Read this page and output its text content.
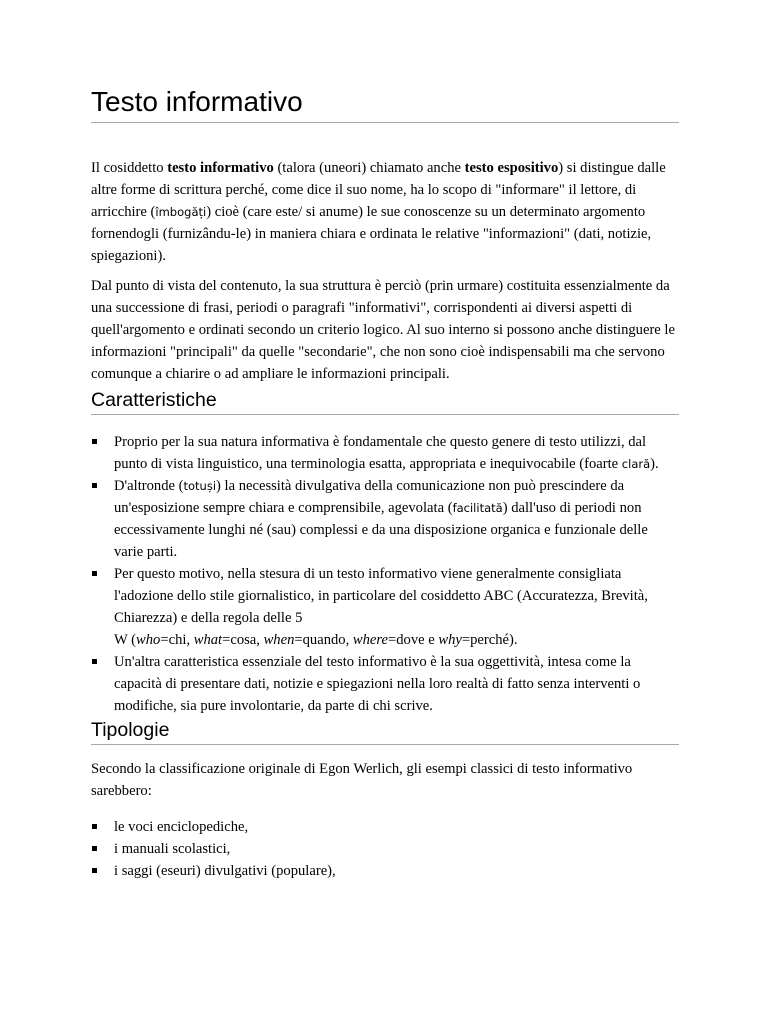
Testo informativo

Il cosiddetto testo informativo (talora (uneori) chiamato anche testo espositivo) si distingue dalle altre forme di scrittura perché, come dice il suo nome, ha lo scopo di "informare" il lettore, di arricchire (îmbogăți) cioè (care este/ si anume) le sue conoscenze su un determinato argomento fornendogli (furnizându-le) in maniera chiara e ordinata le relative "informazioni" (dati, notizie, spiegazioni).

Dal punto di vista del contenuto, la sua struttura è perciò (prin urmare) costituita essenzialmente da una successione di frasi, periodi o paragrafi "informativi", corrispondenti ai diversi aspetti di quell'argomento e ordinati secondo un criterio logico. Al suo interno si possono anche distinguere le informazioni "principali" da quelle "secondarie", che non sono cioè indispensabili ma che servono comunque a chiarire o ad ampliare le informazioni principali.

Caratteristiche
Proprio per la sua natura informativa è fondamentale che questo genere di testo utilizzi, dal punto di vista linguistico, una terminologia esatta, appropriata e inequivocabile (foarte clară).
D'altronde (totuși) la necessità divulgativa della comunicazione non può prescindere da un'esposizione sempre chiara e comprensibile, agevolata (facilitată) dall'uso di periodi non eccessivamente lunghi né (sau) complessi e da una disposizione organica e funzionale delle varie parti.
Per questo motivo, nella stesura di un testo informativo viene generalmente consigliata l'adozione dello stile giornalistico, in particolare del cosiddetto ABC (Accuratezza, Brevità, Chiarezza) e della regola delle 5
W (who=chi, what=cosa, when=quando, where=dove e why=perché).
Un'altra caratteristica essenziale del testo informativo è la sua oggettività, intesa come la capacità di presentare dati, notizie e spiegazioni nella loro realtà di fatto senza interventi o modifiche, sia pure involontarie, da parte di chi scrive.
Tipologie

Secondo la classificazione originale di Egon Werlich, gli esempi classici di testo informativo sarebbero:

le voci enciclopediche,
i manuali scolastici,
i saggi (eseuri) divulgativi (populare),
